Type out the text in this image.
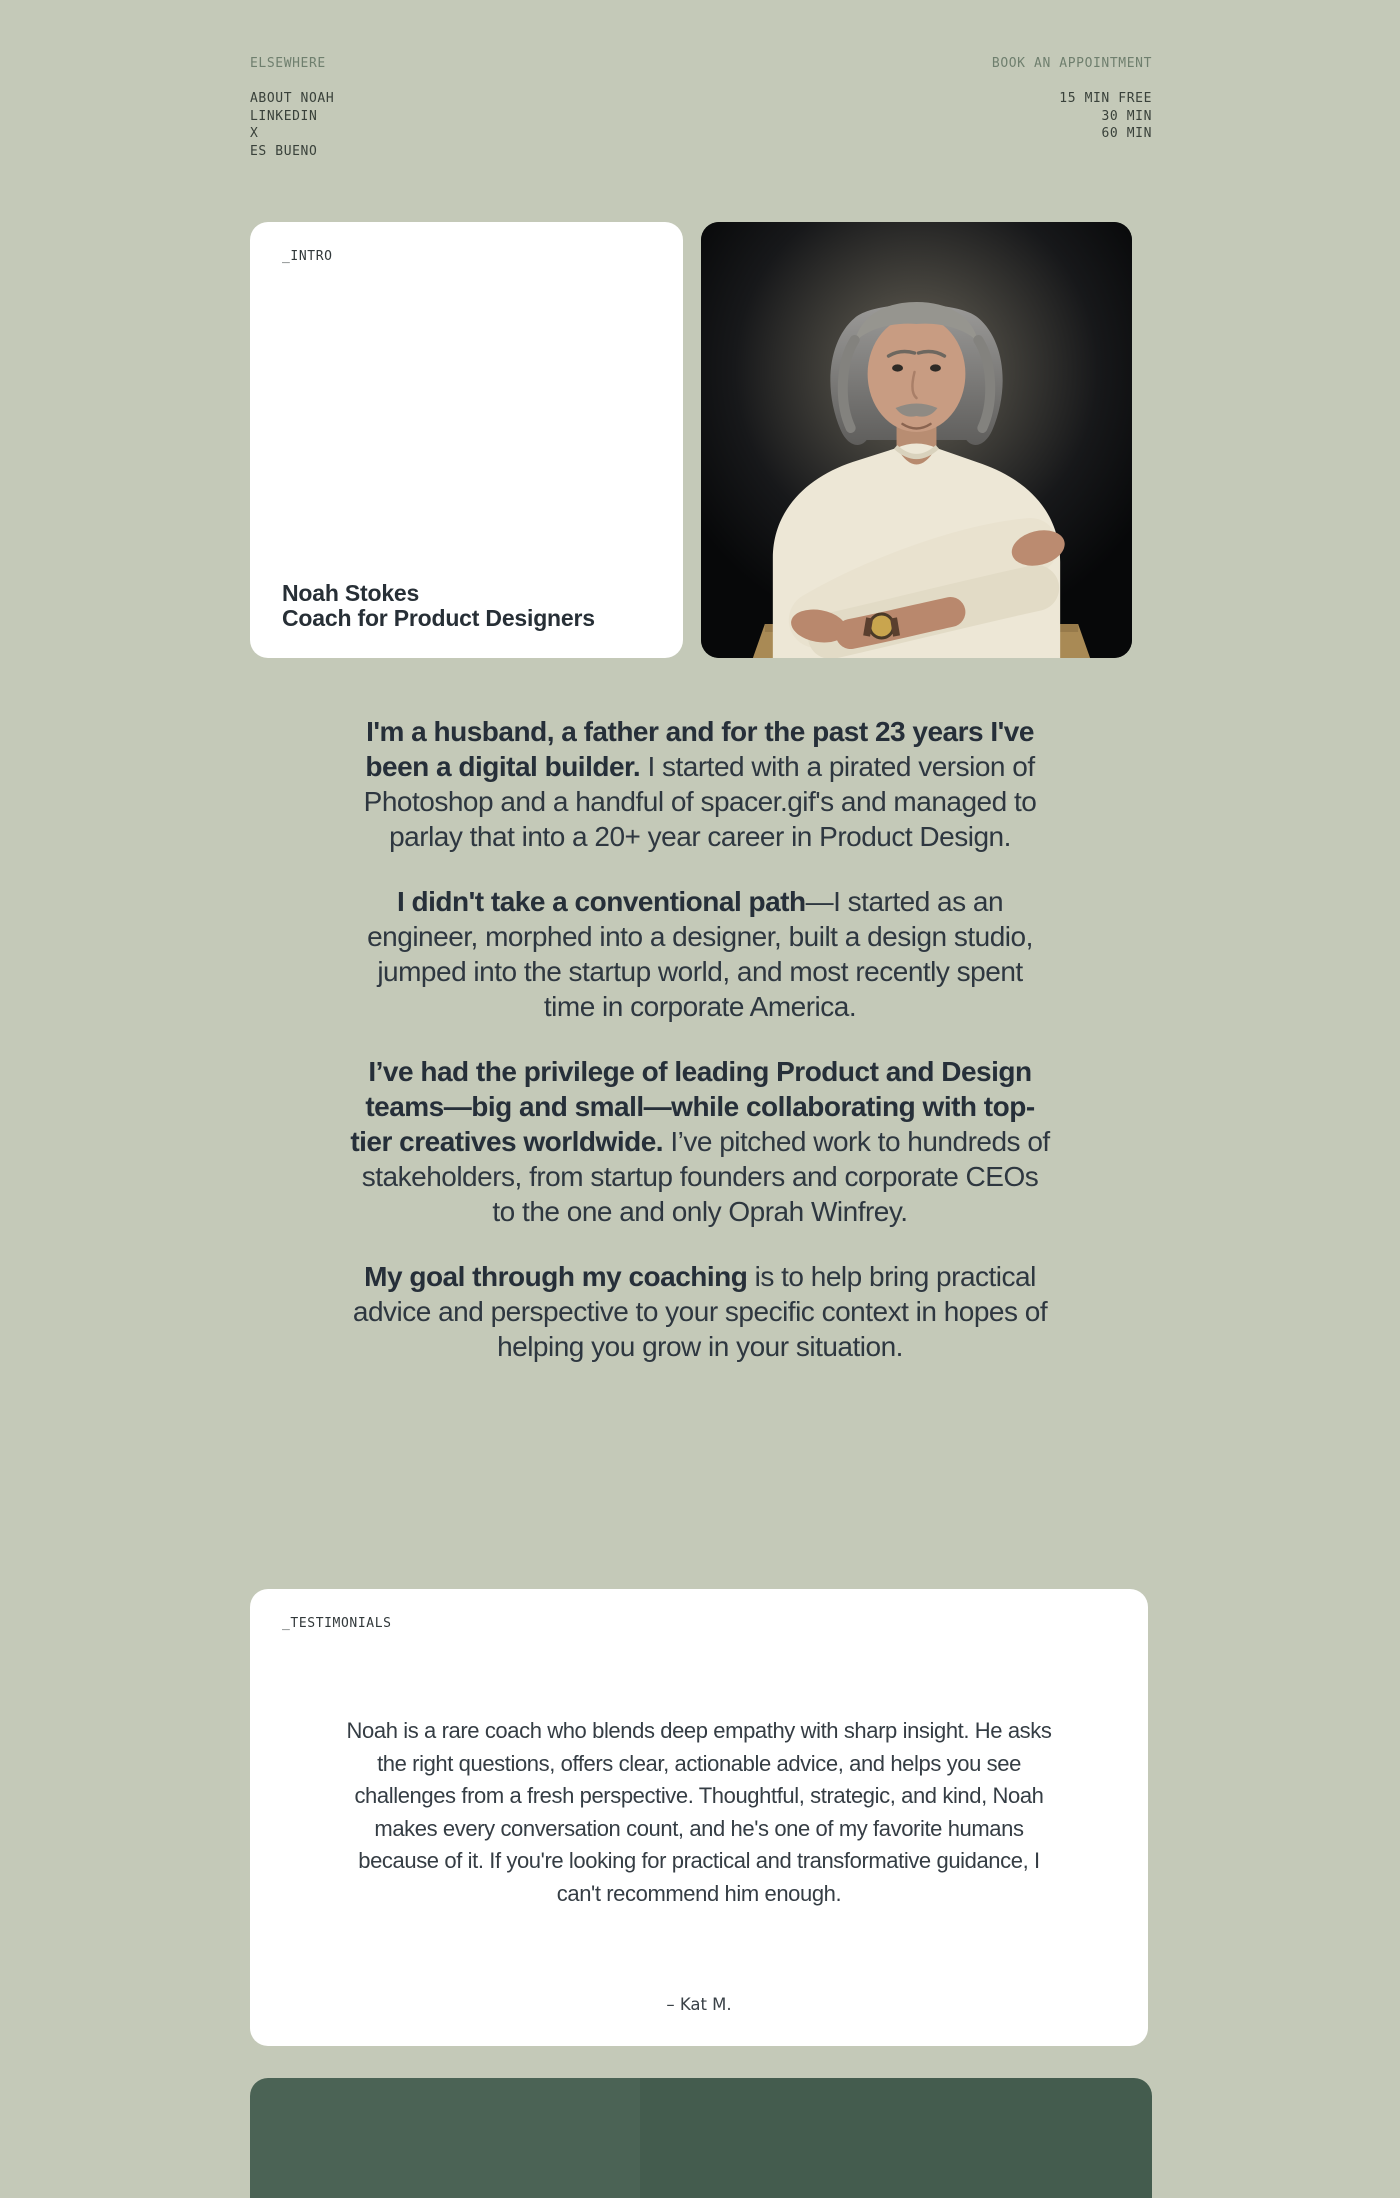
ELSEWHERE
ABOUT NOAH
LINKEDIN
X
ES BUENO
BOOK AN APPOINTMENT
15 MIN FREE
30 MIN
60 MIN
_INTRO
Noah Stokes
Coach for Product Designers

I'm a husband, a father and for the past 23 years I've been a digital builder. I started with a pirated version of Photoshop and a handful of spacer.gif's and managed to parlay that into a 20+ year career in Product Design.

I didn't take a conventional path—I started as an engineer, morphed into a designer, built a design studio, jumped into the startup world, and most recently spent time in corporate America.

I’ve had the privilege of leading Product and Design teams—big and small—while collaborating with top-tier creatives worldwide. I’ve pitched work to hundreds of stakeholders, from startup founders and corporate CEOs to the one and only Oprah Winfrey.

My goal through my coaching is to help bring practical advice and perspective to your specific context in hopes of helping you grow in your situation.

_TESTIMONIALS
Noah is a rare coach who blends deep empathy with sharp insight. He asks the right questions, offers clear, actionable advice, and helps you see challenges from a fresh perspective. Thoughtful, strategic, and kind, Noah makes every conversation count, and he's one of my favorite humans because of it. If you're looking for practical and transformative guidance, I can't recommend him enough.
– Kat M.
